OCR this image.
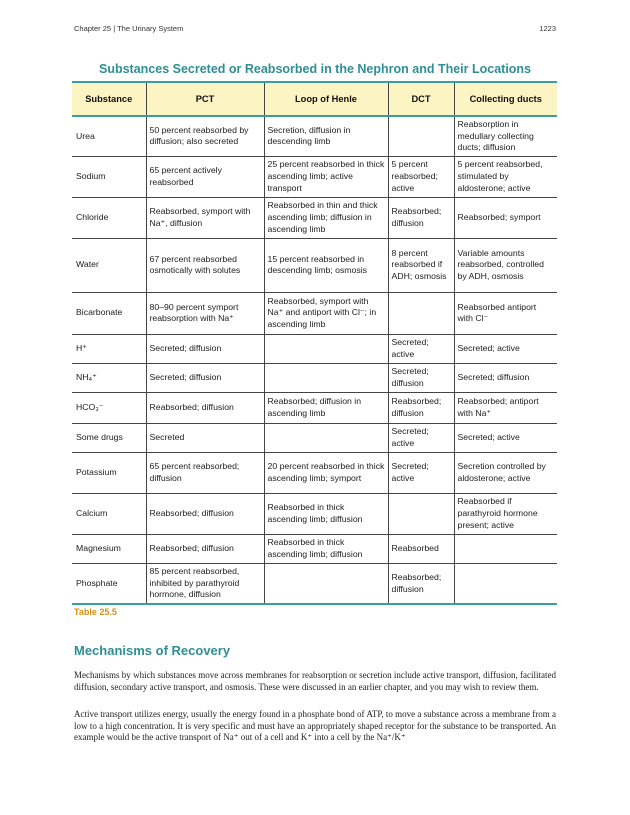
Chapter 25 | The Urinary System	1223
Substances Secreted or Reabsorbed in the Nephron and Their Locations
Substance	PCT	Loop of Henle	DCT	Collecting ducts
Urea	50 percent reabsorbed by diffusion; also secreted	Secretion, diffusion in descending limb		Reabsorption in medullary collecting ducts; diffusion
Sodium	65 percent actively reabsorbed	25 percent reabsorbed in thick ascending limb; active transport	5 percent reabsorbed; active	5 percent reabsorbed, stimulated by aldosterone; active
Chloride	Reabsorbed, symport with Na⁺, diffusion	Reabsorbed in thin and thick ascending limb; diffusion in ascending limb	Reabsorbed; diffusion	Reabsorbed; symport
Water	67 percent reabsorbed osmotically with solutes	15 percent reabsorbed in descending limb; osmosis	8 percent reabsorbed if ADH; osmosis	Variable amounts reabsorbed, controlled by ADH, osmosis
Bicarbonate	80–90 percent symport reabsorption with Na⁺	Reabsorbed, symport with Na⁺ and antiport with Cl⁻; in ascending limb		Reabsorbed antiport with Cl⁻
H⁺	Secreted; diffusion		Secreted; active	Secreted; active
NH₄⁺	Secreted; diffusion		Secreted; diffusion	Secreted; diffusion
HCO₃⁻	Reabsorbed; diffusion	Reabsorbed; diffusion in ascending limb	Reabsorbed; diffusion	Reabsorbed; antiport with Na⁺
Some drugs	Secreted		Secreted; active	Secreted; active
Potassium	65 percent reabsorbed; diffusion	20 percent reabsorbed in thick ascending limb; symport	Secreted; active	Secretion controlled by aldosterone; active
Calcium	Reabsorbed; diffusion	Reabsorbed in thick ascending limb; diffusion		Reabsorbed if parathyroid hormone present; active
Magnesium	Reabsorbed; diffusion	Reabsorbed in thick ascending limb; diffusion	Reabsorbed	
Phosphate	85 percent reabsorbed, inhibited by parathyroid hormone, diffusion		Reabsorbed; diffusion	
Table 25.5
Mechanisms of Recovery

Mechanisms by which substances move across membranes for reabsorption or secretion include active transport, diffusion, facilitated diffusion, secondary active transport, and osmosis. These were discussed in an earlier chapter, and you may wish to review them.

Active transport utilizes energy, usually the energy found in a phosphate bond of ATP, to move a substance across a membrane from a low to a high concentration. It is very specific and must have an appropriately shaped receptor for the substance to be transported. An example would be the active transport of Na⁺ out of a cell and K⁺ into a cell by the Na⁺/K⁺
